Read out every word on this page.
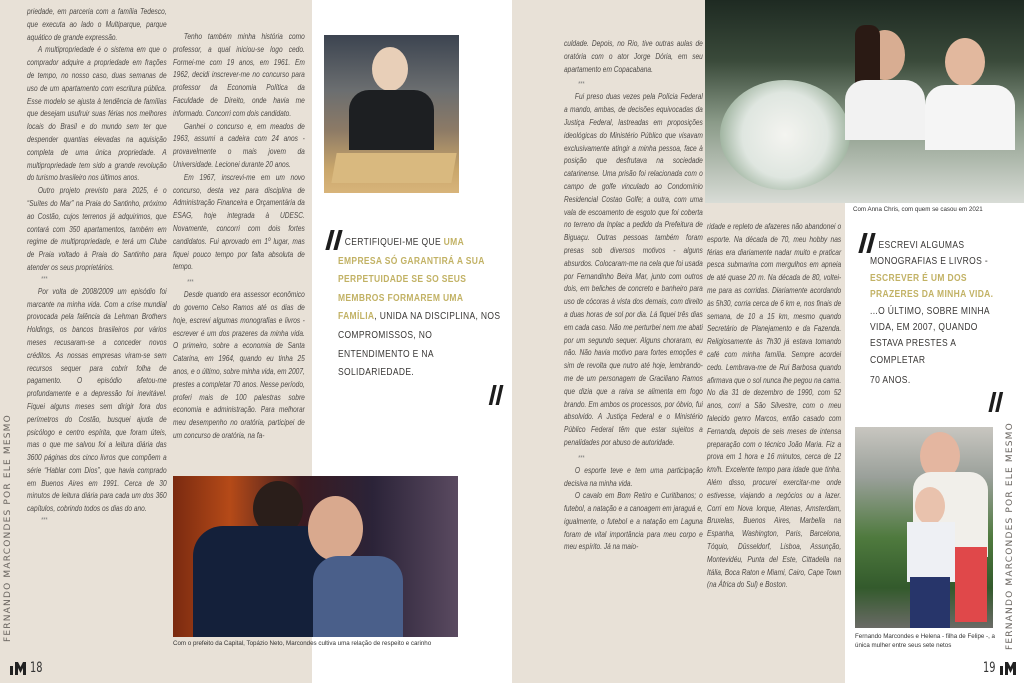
priedade, em parceria com a família Tedesco, que executa ao lado o Multiparque, parque aquático de grande expressão.

A multipropriedade é o sistema em que o comprador adquire a propriedade em frações de tempo, no nosso caso, duas semanas de uso de um apartamento com escritura pública. Esse modelo se ajusta à tendência de famílias que desejam usufruir suas férias nos melhores locais do Brasil e do mundo sem ter que despender quantias elevadas na aquisição completa de uma única propriedade. A multipropriedade tem sido a grande revolução do turismo brasileiro nos últimos anos.

Outro projeto previsto para 2025, é o “Suítes do Mar” na Praia do Santinho, próximo ao Costão, cujos terrenos já adquirimos, que contará com 350 apartamentos, também em regime de multipropriedade, e terá um Clube de Praia voltado à Praia do Santinho para atender os seus proprietários.

***

Por volta de 2008/2009 um episódio foi marcante na minha vida. Com a crise mundial provocada pela falência da Lehman Brothers Holdings, os bancos brasileiros por vários meses recusaram-se a conceder novos créditos. As nossas empresas viram-se sem recursos sequer para cobrir folha de pagamento. O episódio afetou-me profundamente e a depressão foi inevitável. Fiquei alguns meses sem dirigir fora dos perímetros do Costão, busquei ajuda de psicólogo e centro espírita, que foram úteis, mas o que me salvou foi a leitura diária das 3600 páginas dos cinco livros que compõem a série “Hablar com Dios”, que havia comprado em Buenos Aires em 1991. Cerca de 30 minutos de leitura diária para cada um dos 360 capítulos, cobrindo todos os dias do ano.

***

Tenho também minha história como professor, a qual iniciou-se logo cedo. Formei-me com 19 anos, em 1961. Em 1962, decidi inscrever-me no concurso para professor da Economia Política da Faculdade de Direito, onde havia me informado. Concorri com dois candidato.

Ganhei o concurso e, em meados de 1963, assumi a cadeira com 24 anos - provavelmente o mais jovem da Universidade. Lecionei durante 20 anos.

Em 1967, inscrevi-me em um novo concurso, desta vez para disciplina de Administração Financeira e Orçamentária da ESAG, hoje integrada à UDESC. Novamente, concorri com dois fortes candidatos. Fui aprovado em 1º lugar, mas fiquei pouco tempo por falta absoluta de tempo.

***

Desde quando era assessor econômico do governo Celso Ramos até os dias de hoje, escrevi algumas monografias e livros - escrever é um dos prazeres da minha vida. O primeiro, sobre a economia de Santa Catarina, em 1964, quando eu tinha 25 anos, e o último, sobre minha vida, em 2007, prestes a completar 70 anos. Nesse período, proferi mais de 100 palestras sobre economia e administração. Para melhorar meu desempenho no oratória, participei de um concurso de oratória, na fa-

CERTIFIQUEI-ME QUE UMA EMPRESA SÓ GARANTIRÁ A SUA PERPETUIDADE SE SO SEUS MEMBROS FORMAREM UMA FAMÍLIA, UNIDA NA DISCIPLINA, NOS COMPROMISSOS, NO ENTENDIMENTO E NA SOLIDARIEDADE.
Com o prefeito da Capital, Topázio Neto, Marcondes cultiva uma relação de respeito e carinho
FERNANDO MARCONDES POR ELE MESMO
18

culdade. Depois, no Rio, tive outras aulas de oratória com o ator Jorge Dória, em seu apartamento em Copacabana.

***

Fui preso duas vezes pela Polícia Federal a mando, ambas, de decisões equivocadas da Justiça Federal, lastreadas em proposições ideológicas do Ministério Público que visavam exclusivamente atingir a minha pessoa, face à posição que desfrutava na sociedade catarinense. Uma prisão foi relacionada com o campo de golfe vinculado ao Condomínio Residencial Costao Golfe; a outra, com uma vala de escoamento de esgoto que foi coberta no terreno da Inplac a pedido da Prefeitura de Biguaçu. Outras pessoas também foram presas sob diversos motivos - alguns absurdos. Colocaram-me na cela que foi usada por Fernandinho Beira Mar, junto com outros dois, em beliches de concreto e banheiro para uso de cócoras à vista dos demais, com direito a duas horas de sol por dia. Lá fiquei três dias em cada caso. Não me perturbei nem me abati por um segundo sequer. Alguns choraram, eu não. Não havia motivo para fortes emoções e sim de revolta que nutro até hoje, lembrando-me de um personagem de Graciliano Ramos que dizia que a raiva se alimenta em fogo brando. Em ambos os processos, por óbvio, fui absolvido. A Justiça Federal e o Ministério Público Federal têm que estar sujeitos a penalidades por abuso de autoridade.

***

O esporte teve e tem uma participação decisiva na minha vida.

O cavalo em Bom Retiro e Curitibanos; o futebol, a natação e a canoagem em jaraguá e, igualmente, o futebol e a natação em Laguna foram de vital importância para meu corpo e meu espírito. Já na maio-

Com Anna Chris, com quem se casou em 2021

ridade e repleto de afazeres não abandonei o esporte. Na década de 70, meu hobby nas férias era diariamente nadar muito e praticar pesca submarina com mergulhos em apneia de até quase 20 m. Na década de 80, voltei-me para as corridas. Diariamente acordando às 5h30, corria cerca de 6 km e, nos finais de semana, de 10 a 15 km, mesmo quando Secretário de Planejamento e da Fazenda. Religiosamente às 7h30 já estava tomando café com minha família. Sempre acordei cedo. Lembrava-me de Rui Barbosa quando afirmava que o sol nunca lhe pegou na cama. No dia 31 de dezembro de 1990, com 52 anos, corri a São Silvestre, com o meu falecido genro Marcos, então casado com Fernanda, depois de seis meses de intensa preparação com o técnico João Maria. Fiz a prova em 1 hora e 16 minutos, cerca de 12 km/h. Excelente tempo para idade que tinha. Além disso, procurei exercitar-me onde estivesse, viajando a negócios ou a lazer. Corri em Nova Iorque, Atenas, Amsterdam, Bruxelas, Buenos Aires, Marbella na Espanha, Washington, Paris, Barcelona, Tóquio, Düsseldorf, Lisboa, Assunção, Montevidéu, Punta del Este, Cittadella na Itália, Boca Raton e Miami, Cairo, Cape Town (na África do Sul) e Boston.

ESCREVI ALGUMAS MONOGRAFIAS E LIVROS - ESCREVER É UM DOS PRAZERES DA MINHA VIDA.
...O ÚLTIMO, SOBRE MINHA VIDA, EM 2007, QUANDO ESTAVA PRESTES A COMPLETAR
70 ANOS.
Fernando Marcondes e Helena - filha de Felipe -, a única mulher entre seus sete netos	FERNANDO MARCONDES POR ELE MESMO
19
